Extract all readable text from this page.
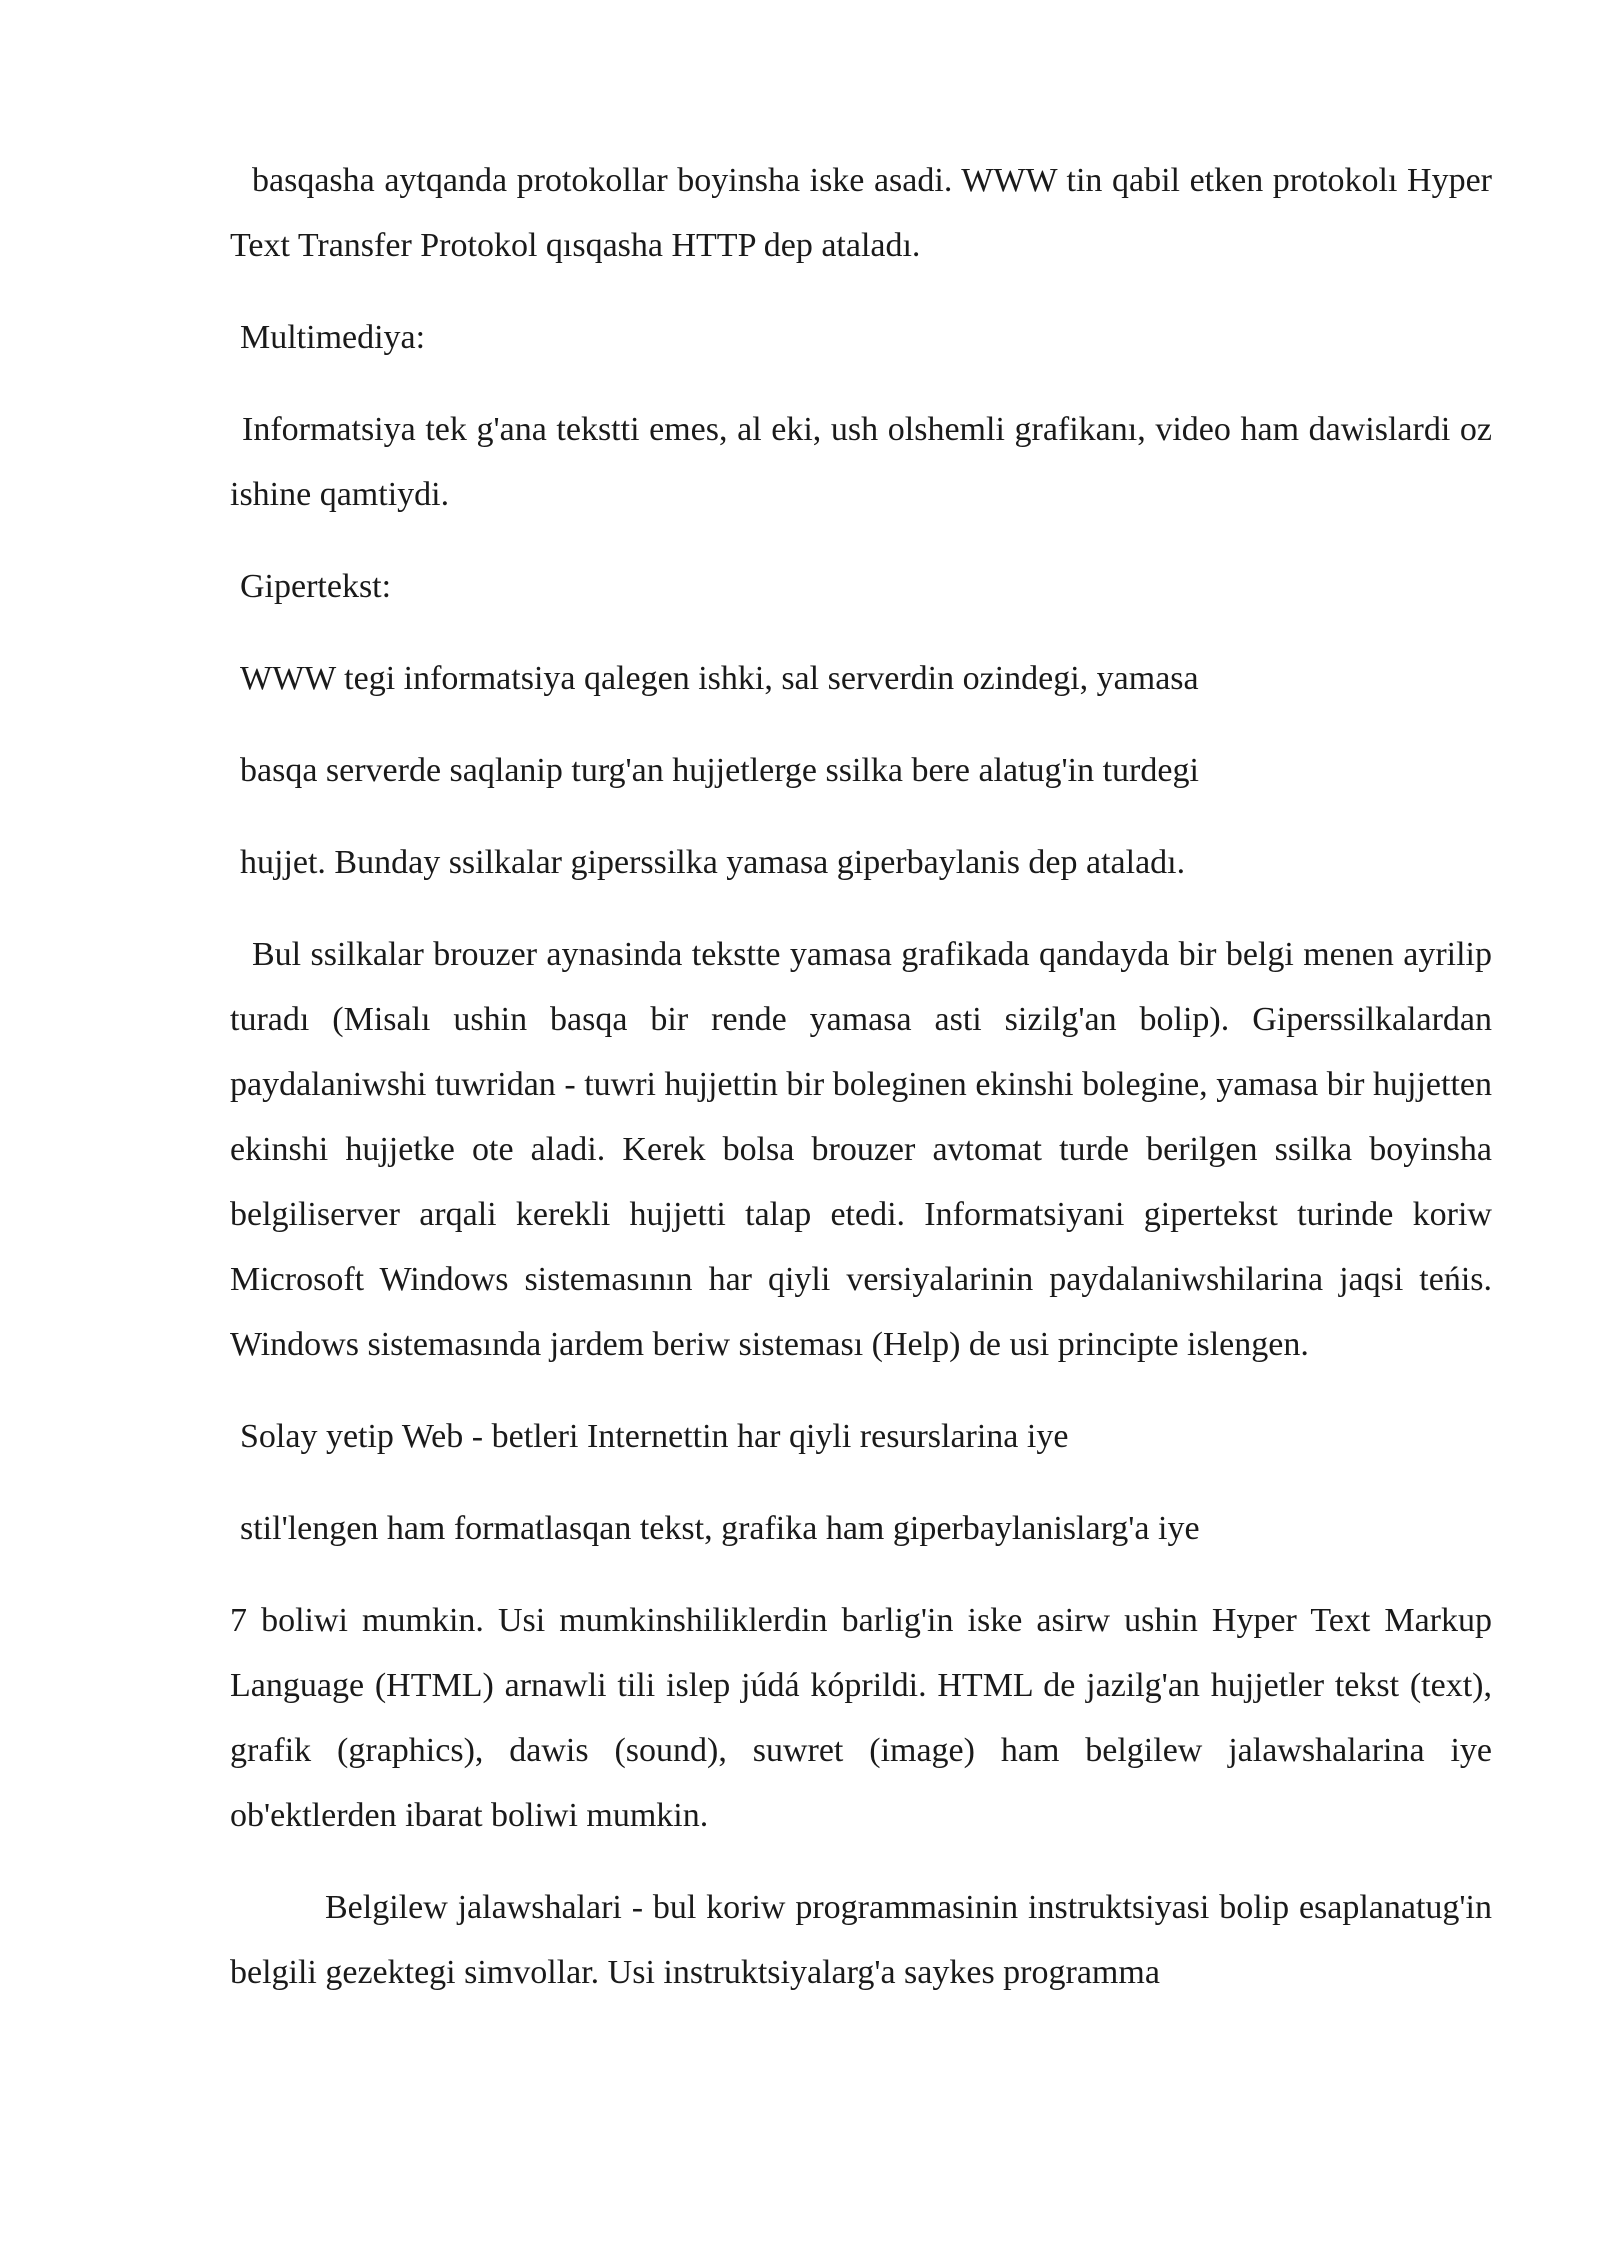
basqasha aytqanda protokollar boyinsha iske asadi. WWW tin qabil etken protokolı Hyper Text Transfer Protokol qısqasha HTTP dep ataladı.

Multimediya:

Informatsiya tek g'ana tekstti emes, al eki, ush olshemli grafikanı, video ham dawislardi oz ishine qamtiydi.

Gipertekst:

WWW tegi informatsiya qalegen ishki, sal serverdin ozindegi, yamasa

basqa serverde saqlanip turg'an hujjetlerge ssilka bere alatug'in turdegi

hujjet. Bunday ssilkalar giperssilka yamasa giperbaylanis dep ataladı.

Bul ssilkalar brouzer aynasinda tekstte yamasa grafikada qandayda bir belgi menen ayrilip turadı (Misalı ushin basqa bir rende yamasa asti sizilg'an bolip). Giperssilkalardan paydalaniwshi tuwridan - tuwri hujjettin bir boleginen ekinshi bolegine, yamasa bir hujjetten ekinshi hujjetke ote aladi. Kerek bolsa brouzer avtomat turde berilgen ssilka boyinsha belgiliserver arqali kerekli hujjetti talap etedi. Informatsiyani gipertekst turinde koriw Microsoft Windows sistemasının har qiyli versiyalarinin paydalaniwshilarina jaqsi teńis. Windows sistemasında jardem beriw sisteması (Help) de usi principte islengen.

Solay yetip Web - betleri Internettin har qiyli resurslarina iye

stil'lengen ham formatlasqan tekst, grafika ham giperbaylanislarg'a iye

7 boliwi mumkin. Usi mumkinshiliklerdin barlig'in iske asirw ushin Hyper Text Markup Language (HTML) arnawli tili islep júdá kóprildi. HTML de jazilg'an hujjetler tekst (text), grafik (graphics), dawis (sound), suwret (image) ham belgilew jalawshalarina iye ob'ektlerden ibarat boliwi mumkin.

Belgilew jalawshalari - bul koriw programmasinin instruktsiyasi bolip esaplanatug'in belgili gezektegi simvollar. Usi instruktsiyalarg'a saykes programma
